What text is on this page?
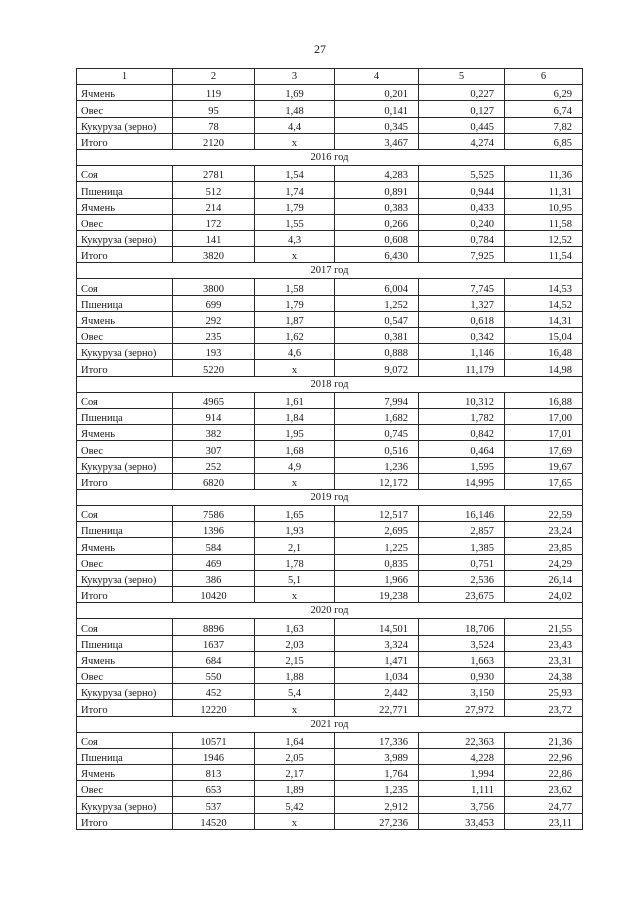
27
1	2	3	4	5	6
Ячмень	119	1,69	0,201	0,227	6,29
Овес	95	1,48	0,141	0,127	6,74
Кукуруза (зерно)	78	4,4	0,345	0,445	7,82
Итого	2120	х	3,467	4,274	6,85
2016 год					
Соя	2781	1,54	4,283	5,525	11,36
Пшеница	512	1,74	0,891	0,944	11,31
Ячмень	214	1,79	0,383	0,433	10,95
Овес	172	1,55	0,266	0,240	11,58
Кукуруза (зерно)	141	4,3	0,608	0,784	12,52
Итого	3820	х	6,430	7,925	11,54
2017 год					
Соя	3800	1,58	6,004	7,745	14,53
Пшеница	699	1,79	1,252	1,327	14,52
Ячмень	292	1,87	0,547	0,618	14,31
Овес	235	1,62	0,381	0,342	15,04
Кукуруза (зерно)	193	4,6	0,888	1,146	16,48
Итого	5220	х	9,072	11,179	14,98
2018 год					
Соя	4965	1,61	7,994	10,312	16,88
Пшеница	914	1,84	1,682	1,782	17,00
Ячмень	382	1,95	0,745	0,842	17,01
Овес	307	1,68	0,516	0,464	17,69
Кукуруза (зерно)	252	4,9	1,236	1,595	19,67
Итого	6820	х	12,172	14,995	17,65
2019 год					
Соя	7586	1,65	12,517	16,146	22,59
Пшеница	1396	1,93	2,695	2,857	23,24
Ячмень	584	2,1	1,225	1,385	23,85
Овес	469	1,78	0,835	0,751	24,29
Кукуруза (зерно)	386	5,1	1,966	2,536	26,14
Итого	10420	х	19,238	23,675	24,02
2020 год					
Соя	8896	1,63	14,501	18,706	21,55
Пшеница	1637	2,03	3,324	3,524	23,43
Ячмень	684	2,15	1,471	1,663	23,31
Овес	550	1,88	1,034	0,930	24,38
Кукуруза (зерно)	452	5,4	2,442	3,150	25,93
Итого	12220	х	22,771	27,972	23,72
2021 год					
Соя	10571	1,64	17,336	22,363	21,36
Пшеница	1946	2,05	3,989	4,228	22,96
Ячмень	813	2,17	1,764	1,994	22,86
Овес	653	1,89	1,235	1,111	23,62
Кукуруза (зерно)	537	5,42	2,912	3,756	24,77
Итого	14520	х	27,236	33,453	23,11
